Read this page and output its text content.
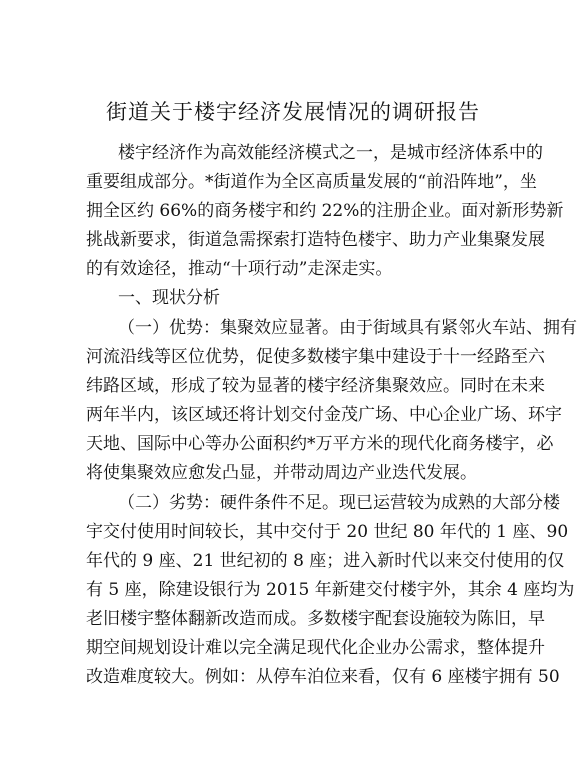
街道关于楼宇经济发展情况的调研报告
楼宇经济作为高效能经济模式之一，是城市经济体系中的
重要组成部分。*街道作为全区高质量发展的“前沿阵地”，坐
拥全区约 66%的商务楼宇和约 22%的注册企业。面对新形势新
挑战新要求，街道急需探索打造特色楼宇、助力产业集聚发展
的有效途径，推动“十项行动”走深走实。
一、现状分析
（一）优势：集聚效应显著。由于街域具有紧邻火车站、拥有
河流沿线等区位优势，促使多数楼宇集中建设于十一经路至六
纬路区域，形成了较为显著的楼宇经济集聚效应。同时在未来
两年半内，该区域还将计划交付金茂广场、中心企业广场、环宇
天地、国际中心等办公面积约*万平方米的现代化商务楼宇，必
将使集聚效应愈发凸显，并带动周边产业迭代发展。
（二）劣势：硬件条件不足。现已运营较为成熟的大部分楼
宇交付使用时间较长，其中交付于 20 世纪 80 年代的 1 座、90
年代的 9 座、21 世纪初的 8 座；进入新时代以来交付使用的仅
有 5 座，除建设银行为 2015 年新建交付楼宇外，其余 4 座均为
老旧楼宇整体翻新改造而成。多数楼宇配套设施较为陈旧，早
期空间规划设计难以完全满足现代化企业办公需求，整体提升
改造难度较大。例如：从停车泊位来看，仅有 6 座楼宇拥有 50
